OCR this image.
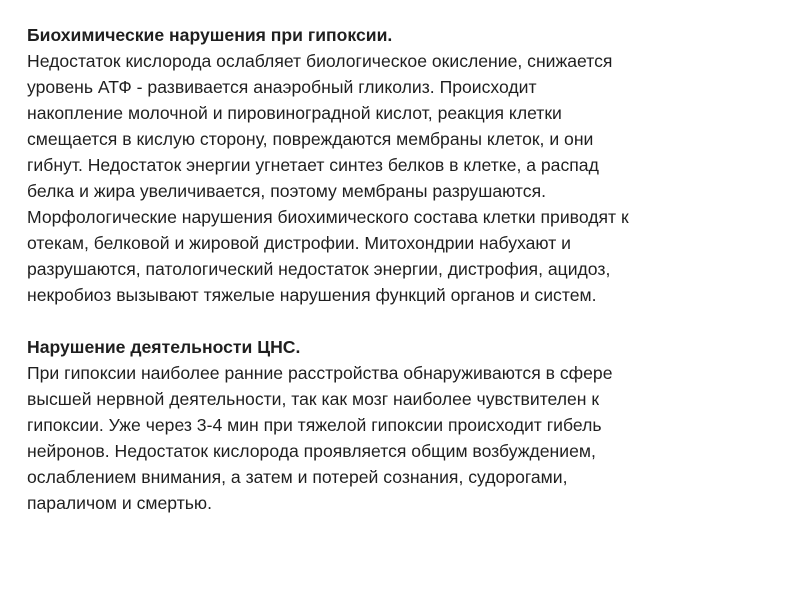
Биохимические нарушения при гипоксии.
Недостаток кислорода ослабляет биологическое окисление, снижается
уровень АТФ - развивается анаэробный гликолиз. Происходит
накопление молочной и пировиноградной кислот, реакция клетки
смещается в кислую сторону, повреждаются мембраны клеток, и они
гибнут. Недостаток энергии угнетает синтез белков в клетке, а распад
белка и жира увеличивается, поэтому мембраны разрушаются.
Морфологические нарушения биохимического состава клетки приводят к
отекам, белковой и жировой дистрофии. Митохондрии набухают и
разрушаются, патологический недостаток энергии, дистрофия, ацидоз,
некробиоз вызывают тяжелые нарушения функций органов и систем.
Нарушение деятельности ЦНС.
При гипоксии наиболее ранние расстройства обнаруживаются в сфере
высшей нервной деятельности, так как мозг наиболее чувствителен к
гипоксии. Уже через 3-4 мин при тяжелой гипоксии происходит гибель
нейронов. Недостаток кислорода проявляется общим возбуждением,
ослаблением внимания, а затем и потерей сознания, судорогами,
параличом и смертью.
